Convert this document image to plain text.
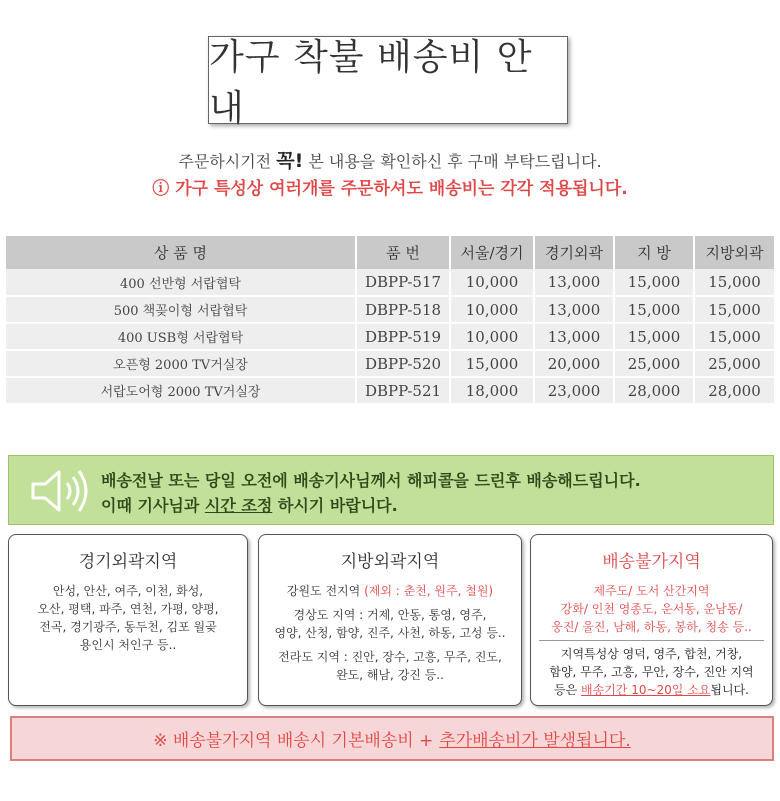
가구 착불 배송비 안내
주문하시기전 꼭! 본 내용을 확인하신 후 구매 부탁드립니다.
ⓘ 가구 특성상 여러개를 주문하셔도 배송비는 각각 적용됩니다.
상 품 명	품 번	서울/경기	경기외곽	지 방	지방외곽
400 선반형 서랍협탁	DBPP-517	10,000	13,000	15,000	15,000
500 책꽂이형 서랍협탁	DBPP-518	10,000	13,000	15,000	15,000
400 USB형 서랍협탁	DBPP-519	10,000	13,000	15,000	15,000
오픈형 2000 TV거실장	DBPP-520	15,000	20,000	25,000	25,000
서랍도어형 2000 TV거실장	DBPP-521	18,000	23,000	28,000	28,000
배송전날 또는 당일 오전에 배송기사님께서 해피콜을 드린후 배송해드립니다.
이때 기사님과 시간 조정 하시기 바랍니다.
경기외곽지역

안성, 안산, 여주, 이천, 화성,

오산, 평택, 파주, 연천, 가평, 양평,

전곡, 경기광주, 동두천, 김포 월곶

용인시 처인구 등..

지방외곽지역

강원도 전지역 (제외 : 춘천, 원주, 철원)

경상도 지역 : 거제, 안동, 통영, 영주,
영양, 산청, 함양, 진주, 사천, 하동, 고성 등..

전라도 지역 : 진안, 장수, 고흥, 무주, 진도,
완도, 해남, 강진 등..

배송불가지역

제주도/ 도서 산간지역

강화/ 인천 영종도, 운서동, 운남동/

웅진/ 울진, 남해, 하동, 봉하, 청송 등..

지역특성상 영덕, 영주, 합천, 거창,

함양, 무주, 고흥, 무안, 장수, 진안 지역

등은 배송기간 10~20일 소요됩니다.

※ 배송불가지역 배송시 기본배송비 + 추가배송비가 발생됩니다.
